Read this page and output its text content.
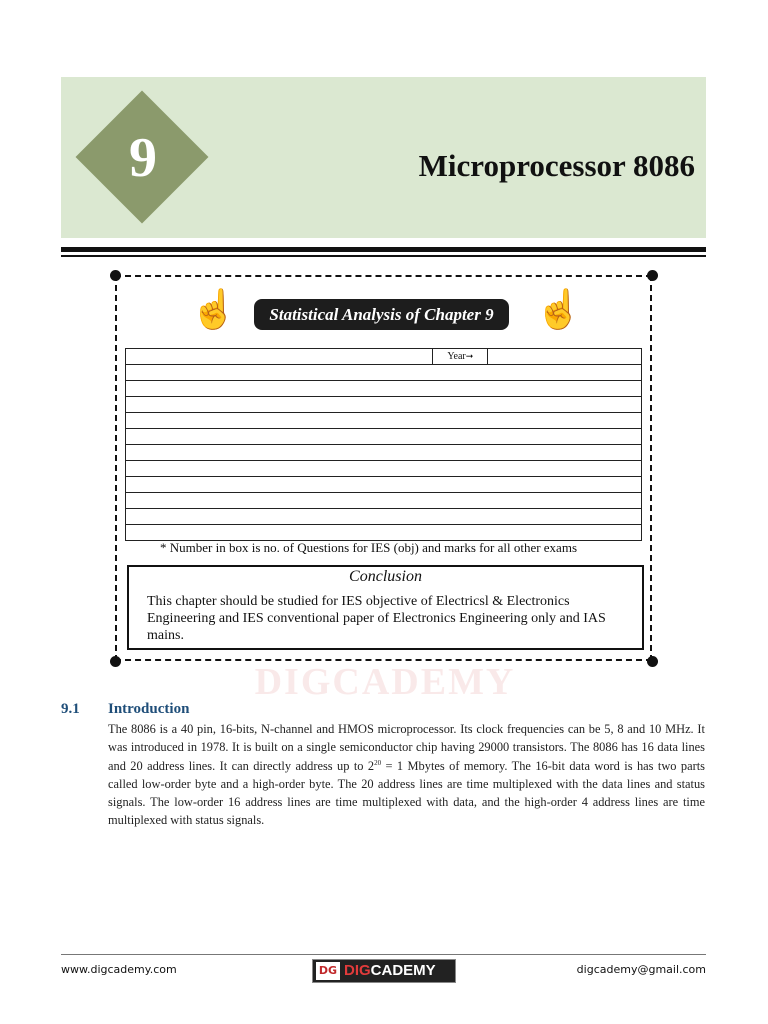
9	Microprocessor 8086
☝	☝
Statistical Analysis of Chapter 9
	Year➞	

* Number in box is no. of Questions for IES (obj) and marks for all other exams
Conclusion
This chapter should be studied for IES objective of Electricsl & Electronics Engineering and IES conventional paper of Electronics Engineering only and IAS mains.
DIGCADEMY
9.1 Introduction
The 8086 is a 40 pin, 16-bits, N-channel and HMOS microprocessor. Its clock frequencies can be 5, 8 and 10 MHz. It was introduced in 1978. It is built on a single semiconductor chip having 29000 transistors. The 8086 has 16 data lines and 20 address lines. It can directly address up to $2^{20} = 1$ Mbytes of memory. The 16-bit data word is has two parts called low-order byte and a high-order byte. The 20 address lines are time multiplexed with the data lines and status signals. The low-order 16 address lines are time multiplexed with data, and the high-order 4 address lines are time multiplexed with status signals.
www.digcademy.com	DG DIGCADEMY	digcademy@gmail.com
